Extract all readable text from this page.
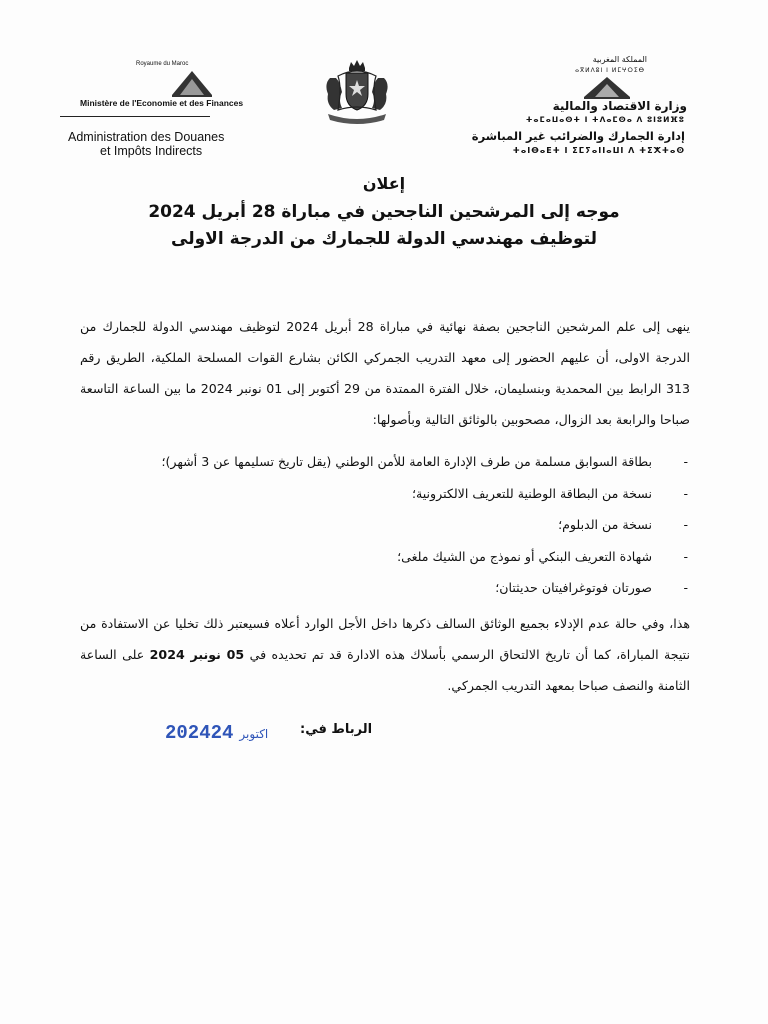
Royaume du Maroc
Ministère de l'Economie et des Finances
Administration des Douanes
et Impôts Indirects
المملكة المغربية
ⴰⴳⵍⴷⵓⵏ ⵏ ⵍⵎⵖⵔⵉⴱ
وزارة الاقتصاد والمالية
ⵜⴰⵎⴰⵡⴰⵙⵜ ⵏ ⵜⴷⴰⵎⵙⴰ ⴷ ⵓⵏⵓⵍⴼⵓ
إدارة الجمارك والضرائب غير المباشرة
ⵜⴰⵏⴱⴰⴹⵜ ⵏ ⵉⵎⵢⴰⵏⵏⴰⵡⵏ ⴷ ⵜⵉⵅⵜⴰⵙ
إعلان
موجه إلى المرشحين الناجحين في مباراة 28 أبريل 2024
لتوظيف مهندسي الدولة للجمارك من الدرجة الاولى

ينهى إلى علم المرشحين الناجحين بصفة نهائية في مباراة 28 أبريل 2024 لتوظيف مهندسي الدولة للجمارك من الدرجة الاولى، أن عليهم الحضور إلى معهد التدريب الجمركي الكائن بشارع القوات المسلحة الملكية، الطريق رقم 313 الرابط بين المحمدية وبنسليمان، خلال الفترة الممتدة من 29 أكتوبر إلى 01 نونبر 2024 ما بين الساعة التاسعة صباحا والرابعة بعد الزوال، مصحوبين بالوثائق التالية وبأصولها:

- بطاقة السوابق مسلمة من طرف الإدارة العامة للأمن الوطني (يقل تاريخ تسليمها عن 3 أشهر)؛
- نسخة من البطاقة الوطنية للتعريف الالكترونية؛
- نسخة من الدبلوم؛
- شهادة التعريف البنكي أو نموذج من الشيك ملغى؛
- صورتان فوتوغرافيتان حديثتان؛

هذا، وفي حالة عدم الإدلاء بجميع الوثائق السالف ذكرها داخل الأجل الوارد أعلاه فسيعتبر ذلك تخليا عن الاستفادة من نتيجة المباراة، كما أن تاريخ الالتحاق الرسمي بأسلاك هذه الادارة قد تم تحديده في 05 نونبر 2024 على الساعة الثامنة والنصف صباحا بمعهد التدريب الجمركي.

الرباط في:
2024 اكتوبر24
